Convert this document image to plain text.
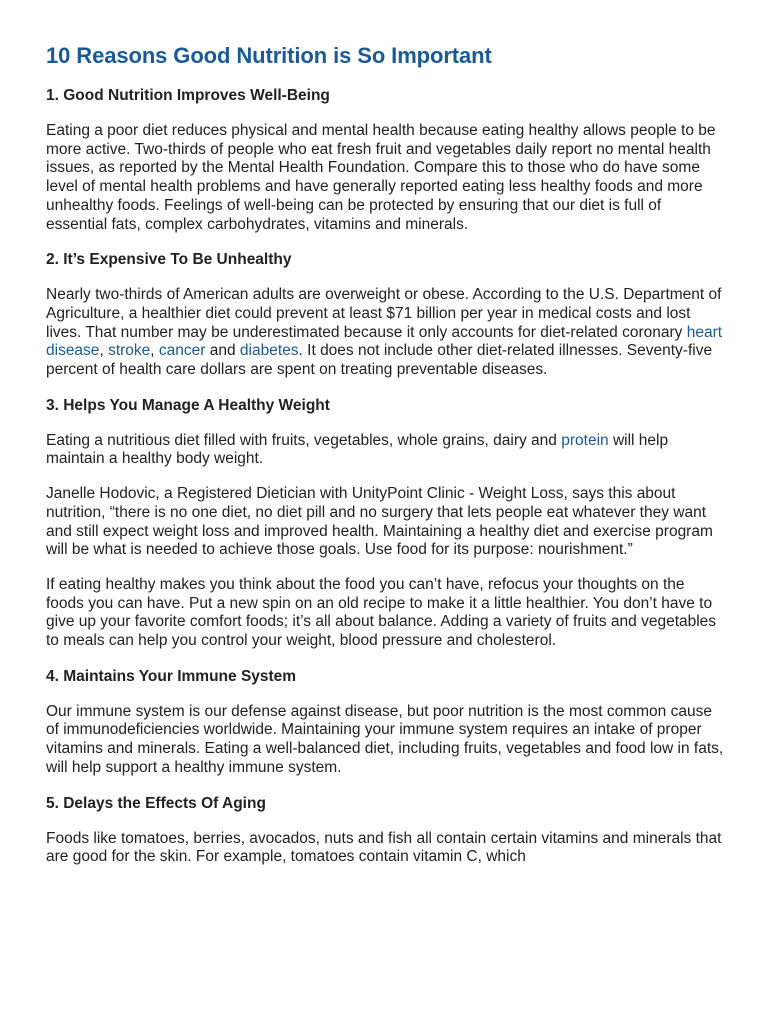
10 Reasons Good Nutrition is So Important
1. Good Nutrition Improves Well-Being

Eating a poor diet reduces physical and mental health because eating healthy allows people to be more active. Two-thirds of people who eat fresh fruit and vegetables daily report no mental health issues, as reported by the Mental Health Foundation. Compare this to those who do have some level of mental health problems and have generally reported eating less healthy foods and more unhealthy foods. Feelings of well-being can be protected by ensuring that our diet is full of essential fats, complex carbohydrates, vitamins and minerals.

2. It’s Expensive To Be Unhealthy

Nearly two-thirds of American adults are overweight or obese. According to the U.S. Department of Agriculture, a healthier diet could prevent at least $71 billion per year in medical costs and lost lives. That number may be underestimated because it only accounts for diet-related coronary heart disease, stroke, cancer and diabetes. It does not include other diet-related illnesses. Seventy-five percent of health care dollars are spent on treating preventable diseases.

3. Helps You Manage A Healthy Weight

Eating a nutritious diet filled with fruits, vegetables, whole grains, dairy and protein will help maintain a healthy body weight.

Janelle Hodovic, a Registered Dietician with UnityPoint Clinic - Weight Loss, says this about nutrition, “there is no one diet, no diet pill and no surgery that lets people eat whatever they want and still expect weight loss and improved health. Maintaining a healthy diet and exercise program will be what is needed to achieve those goals. Use food for its purpose: nourishment.”

If eating healthy makes you think about the food you can’t have, refocus your thoughts on the foods you can have. Put a new spin on an old recipe to make it a little healthier. You don’t have to give up your favorite comfort foods; it’s all about balance. Adding a variety of fruits and vegetables to meals can help you control your weight, blood pressure and cholesterol.

4. Maintains Your Immune System

Our immune system is our defense against disease, but poor nutrition is the most common cause of immunodeficiencies worldwide. Maintaining your immune system requires an intake of proper vitamins and minerals. Eating a well-balanced diet, including fruits, vegetables and food low in fats, will help support a healthy immune system.

5. Delays the Effects Of Aging

Foods like tomatoes, berries, avocados, nuts and fish all contain certain vitamins and minerals that are good for the skin. For example, tomatoes contain vitamin C, which
